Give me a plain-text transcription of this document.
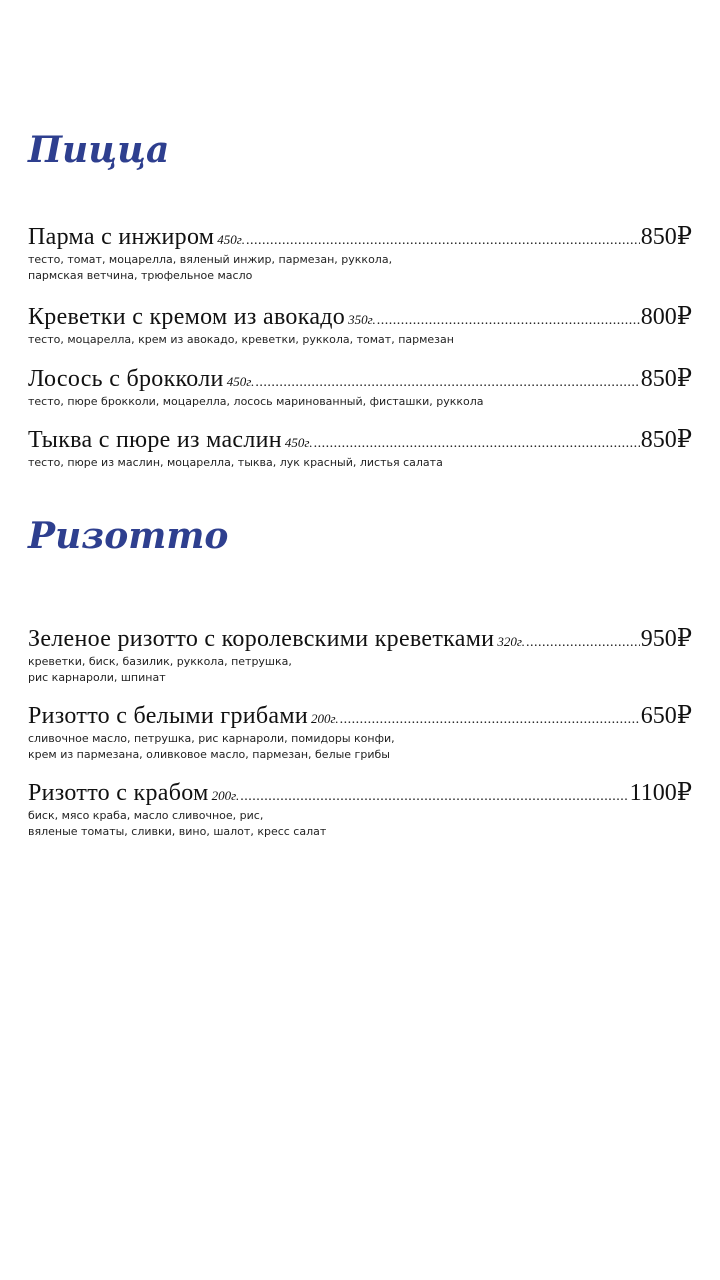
Пицца
Парма с инжиром 450г. .....	850₽
тесто, томат, моцарелла, вяленый инжир, пармезан, руккола,
пармская ветчина, трюфельное масло
Креветки с кремом из авокадо 350г. .....	800₽
тесто, моцарелла, крем из авокадо, креветки, руккола, томат, пармезан
Лосось с брокколи 450г. .....	850₽
тесто, пюре брокколи, моцарелла, лосось маринованный, фисташки, руккола
Тыква с пюре из маслин 450г. .....	850₽
тесто, пюре из маслин, моцарелла, тыква, лук красный, листья салата
Ризотто
Зеленое ризотто с королевскими креветками 320г. .....	950₽
креветки, биск, базилик, руккола, петрушка,
рис карнароли, шпинат
Ризотто с белыми грибами 200г. .....	650₽
сливочное масло, петрушка, рис карнароли, помидоры конфи,
крем из пармезана, оливковое масло, пармезан, белые грибы
Ризотто с крабом 200г. .....	1100₽
биск, мясо краба, масло сливочное, рис,
вяленые томаты, сливки, вино, шалот, кресс салат
